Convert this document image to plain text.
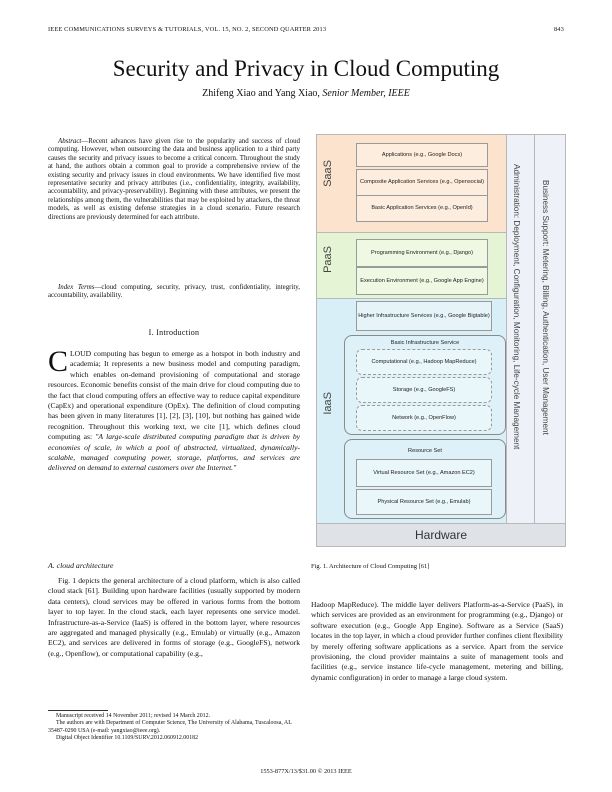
IEEE COMMUNICATIONS SURVEYS & TUTORIALS, VOL. 15, NO. 2, SECOND QUARTER 2013	843
Security and Privacy in Cloud Computing
Zhifeng Xiao and Yang Xiao, Senior Member, IEEE
Abstract—Recent advances have given rise to the popularity and success of cloud computing. However, when outsourcing the data and business application to a third party causes the security and privacy issues to become a critical concern. Throughout the study at hand, the authors obtain a common goal to provide a comprehensive review of the existing security and privacy issues in cloud environments. We have identified five most representative security and privacy attributes (i.e., confidentiality, integrity, availability, accountability, and privacy-preservability). Beginning with these attributes, we present the relationships among them, the vulnerabilities that may be exploited by attackers, the threat models, as well as existing defense strategies in a cloud scenario. Future research directions are previously determined for each attribute.
Index Terms—cloud computing, security, privacy, trust, confidentiality, integrity, accountability, availability.
I. Introduction
CLOUD computing has begun to emerge as a hotspot in both industry and academia; It represents a new business model and computing paradigm, which enables on-demand provisioning of computational and storage resources. Economic benefits consist of the main drive for cloud computing due to the fact that cloud computing offers an effective way to reduce capital expenditure (CapEx) and operational expenditure (OpEx). The definition of cloud computing has been given in many literatures [1], [2], [3], [10], but nothing has gained wide recognition. Throughout this working text, we cite [1], which defines cloud computing as: "A large-scale distributed computing paradigm that is driven by economies of scale, in which a pool of abstracted, virtualized, dynamically-scalable, managed computing power, storage, platforms, and services are delivered on demand to external customers over the Internet."
A. cloud architecture
Fig. 1 depicts the general architecture of a cloud platform, which is also called cloud stack [61]. Building upon hardware facilities (usually supported by modern data centers), cloud services may be offered in various forms from the bottom layer to top layer. In the cloud stack, each layer represents one service model. Infrastructure-as-a-Service (IaaS) is offered in the bottom layer, where resources are aggregated and managed physically (e.g., Emulab) or virtually (e.g., Amazon EC2), and services are delivered in forms of storage (e.g., GoogleFS), network (e.g., Openflow), or computational capability (e.g.,
Manuscript received 14 November 2011; revised 14 March 2012.
The authors are with Department of Computer Science, The University of Alabama, Tuscaloosa, AL 35487-0290 USA (e-mail: yangxiao@ieee.org).
Digital Object Identifier 10.1109/SURV.2012.060912.00182
SaaS
PaaS
IaaS	Administration: Deployment, Configuration, Monitoring, Life-cycle Management Business Support: Metering, Billing, Authentication, User Management
Applications (e.g., Google Docs)
Composite Application Services (e.g., Opensocial)
Basic Application Services (e.g., OpenId)
Programming Environment (e.g., Django)
Execution Environment (e.g., Google App Engine)
Higher Infrastructure Services (e.g., Google Bigtable)
Basic Infrastructure Service
Computational (e.g., Hadoop MapReduce)
Storage (e.g., GoogleFS)
Network (e.g., OpenFlow)
Resource Set
Virtual Resource Set (e.g., Amazon EC2)
Physical Resource Set (e.g., Emulab)
Hardware
Fig. 1. Architecture of Cloud Computing [61]
Hadoop MapReduce). The middle layer delivers Platform-as-a-Service (PaaS), in which services are provided as an environment for programming (e.g., Django) or software execution (e.g., Google App Engine). Software as a Service (SaaS) locates in the top layer, in which a cloud provider further confines client flexibility by merely offering software applications as a service. Apart from the service provisioning, the cloud provider maintains a suite of management tools and facilities (e.g., service instance life-cycle management, metering and billing, dynamic configuration) in order to manage a large cloud system.
1553-877X/13/$31.00 © 2013 IEEE
